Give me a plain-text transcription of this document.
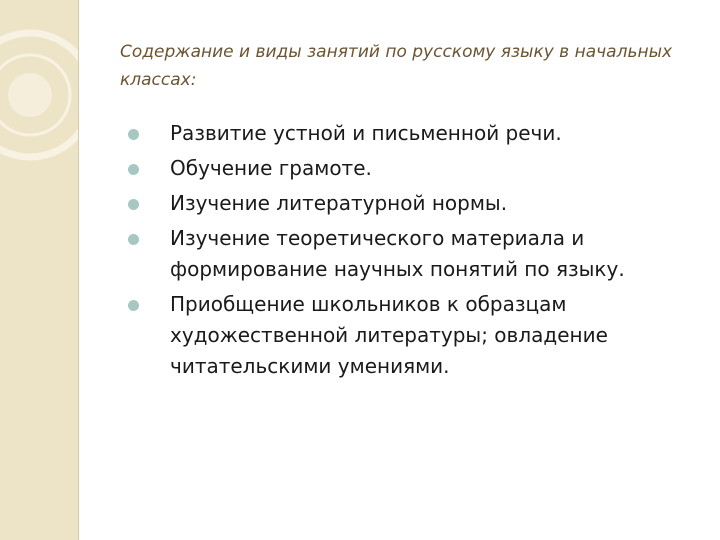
Содержание и виды занятий по русскому языку в начальных классах:
Развитие устной и письменной речи.
Обучение грамоте.
Изучение литературной нормы.
Изучение теоретического материала и формирование научных понятий по языку.
Приобщение школьников к образцам художественной литературы; овладение читательскими умениями.
